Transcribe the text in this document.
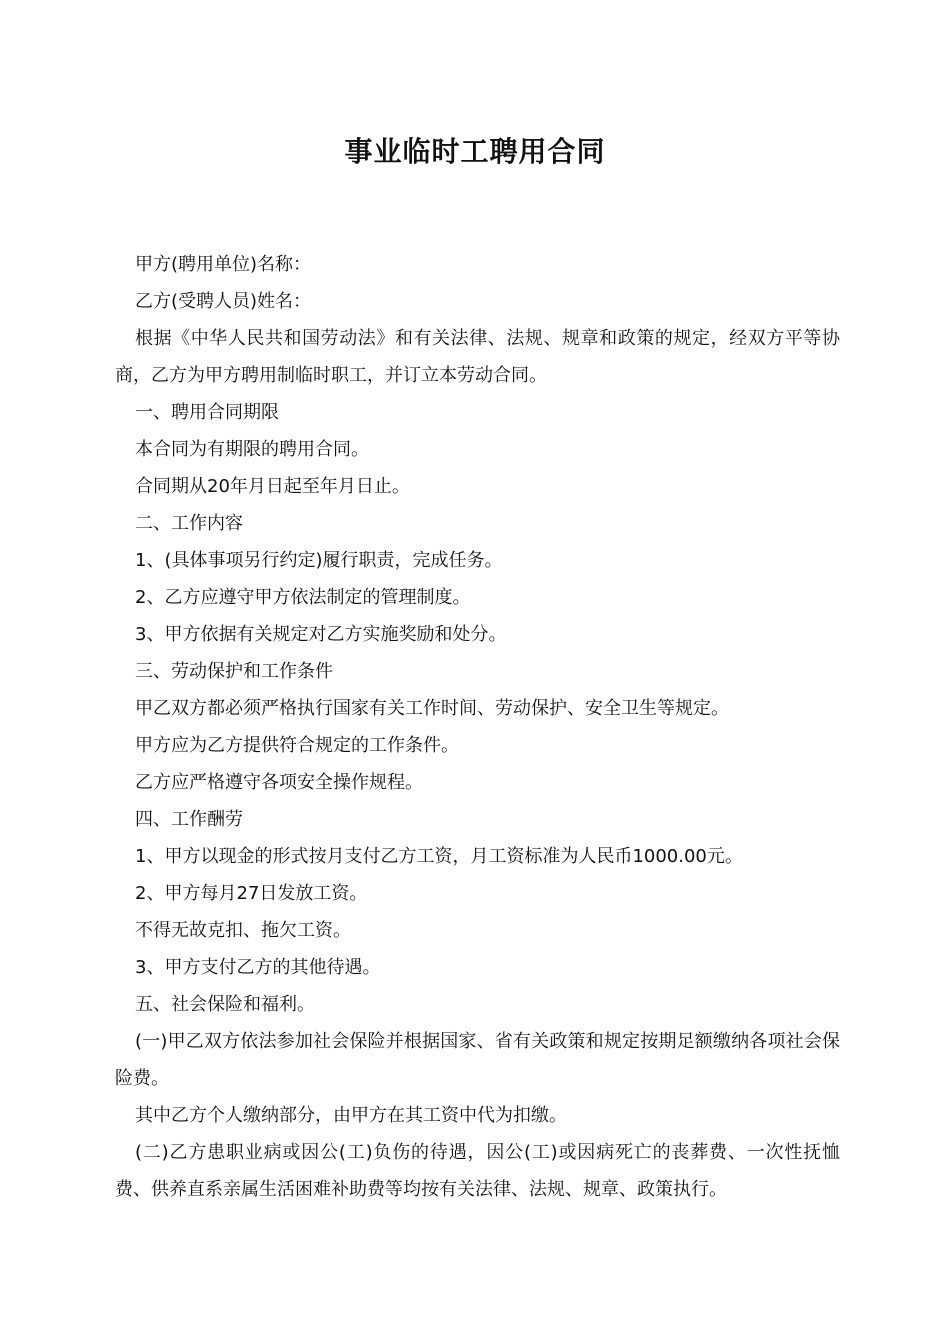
事业临时工聘用合同

甲方(聘用单位)名称：

乙方(受聘人员)姓名：

根据《中华人民共和国劳动法》和有关法律、法规、规章和政策的规定，经双方平等协商，乙方为甲方聘用制临时职工，并订立本劳动合同。

一、聘用合同期限

本合同为有期限的聘用合同。

合同期从20年月日起至年月日止。

二、工作内容

1、(具体事项另行约定)履行职责，完成任务。

2、乙方应遵守甲方依法制定的管理制度。

3、甲方依据有关规定对乙方实施奖励和处分。

三、劳动保护和工作条件

甲乙双方都必须严格执行国家有关工作时间、劳动保护、安全卫生等规定。

甲方应为乙方提供符合规定的工作条件。

乙方应严格遵守各项安全操作规程。

四、工作酬劳

1、甲方以现金的形式按月支付乙方工资，月工资标准为人民币1000.00元。

2、甲方每月27日发放工资。

不得无故克扣、拖欠工资。

3、甲方支付乙方的其他待遇。

五、社会保险和福利。

(一)甲乙双方依法参加社会保险并根据国家、省有关政策和规定按期足额缴纳各项社会保险费。

其中乙方个人缴纳部分，由甲方在其工资中代为扣缴。

(二)乙方患职业病或因公(工)负伤的待遇，因公(工)或因病死亡的丧葬费、一次性抚恤费、供养直系亲属生活困难补助费等均按有关法律、法规、规章、政策执行。
